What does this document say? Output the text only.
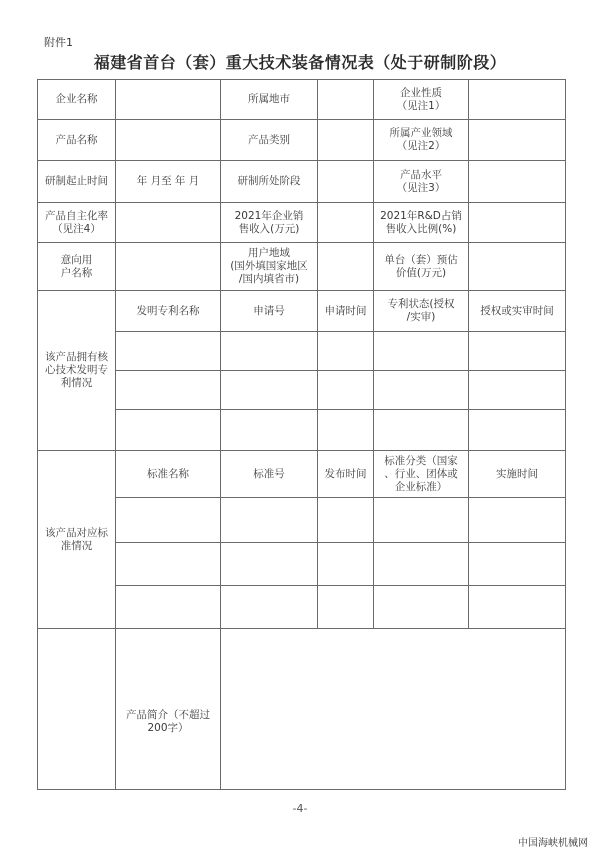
附件1
福建省首台（套）重大技术装备情况表（处于研制阶段）
企业名称		所属地市		企业性质
（见注1）	
产品名称		产品类别		所属产业领域
（见注2）	
研制起止时间	年 月至 年 月	研制所处阶段		产品水平
（见注3）	
产品自主化率
（见注4）		2021年企业销
售收入(万元)		2021年R&D占销
售收入比例(%)	
意向用
户名称		用户地域
(国外填国家地区
/国内填省市)		单台（套）预估
价值(万元)	
该产品拥有核
心技术发明专
利情况	发明专利名称	申请号	申请时间	专利状态(授权
/实审)	授权或实审时间

该产品对应标
准情况	标准名称	标准号	发布时间	标准分类（国家
、行业、团体或
企业标准）	实施时间

	产品简介（不超过
200字）				
-4-
中国海峡机械网
